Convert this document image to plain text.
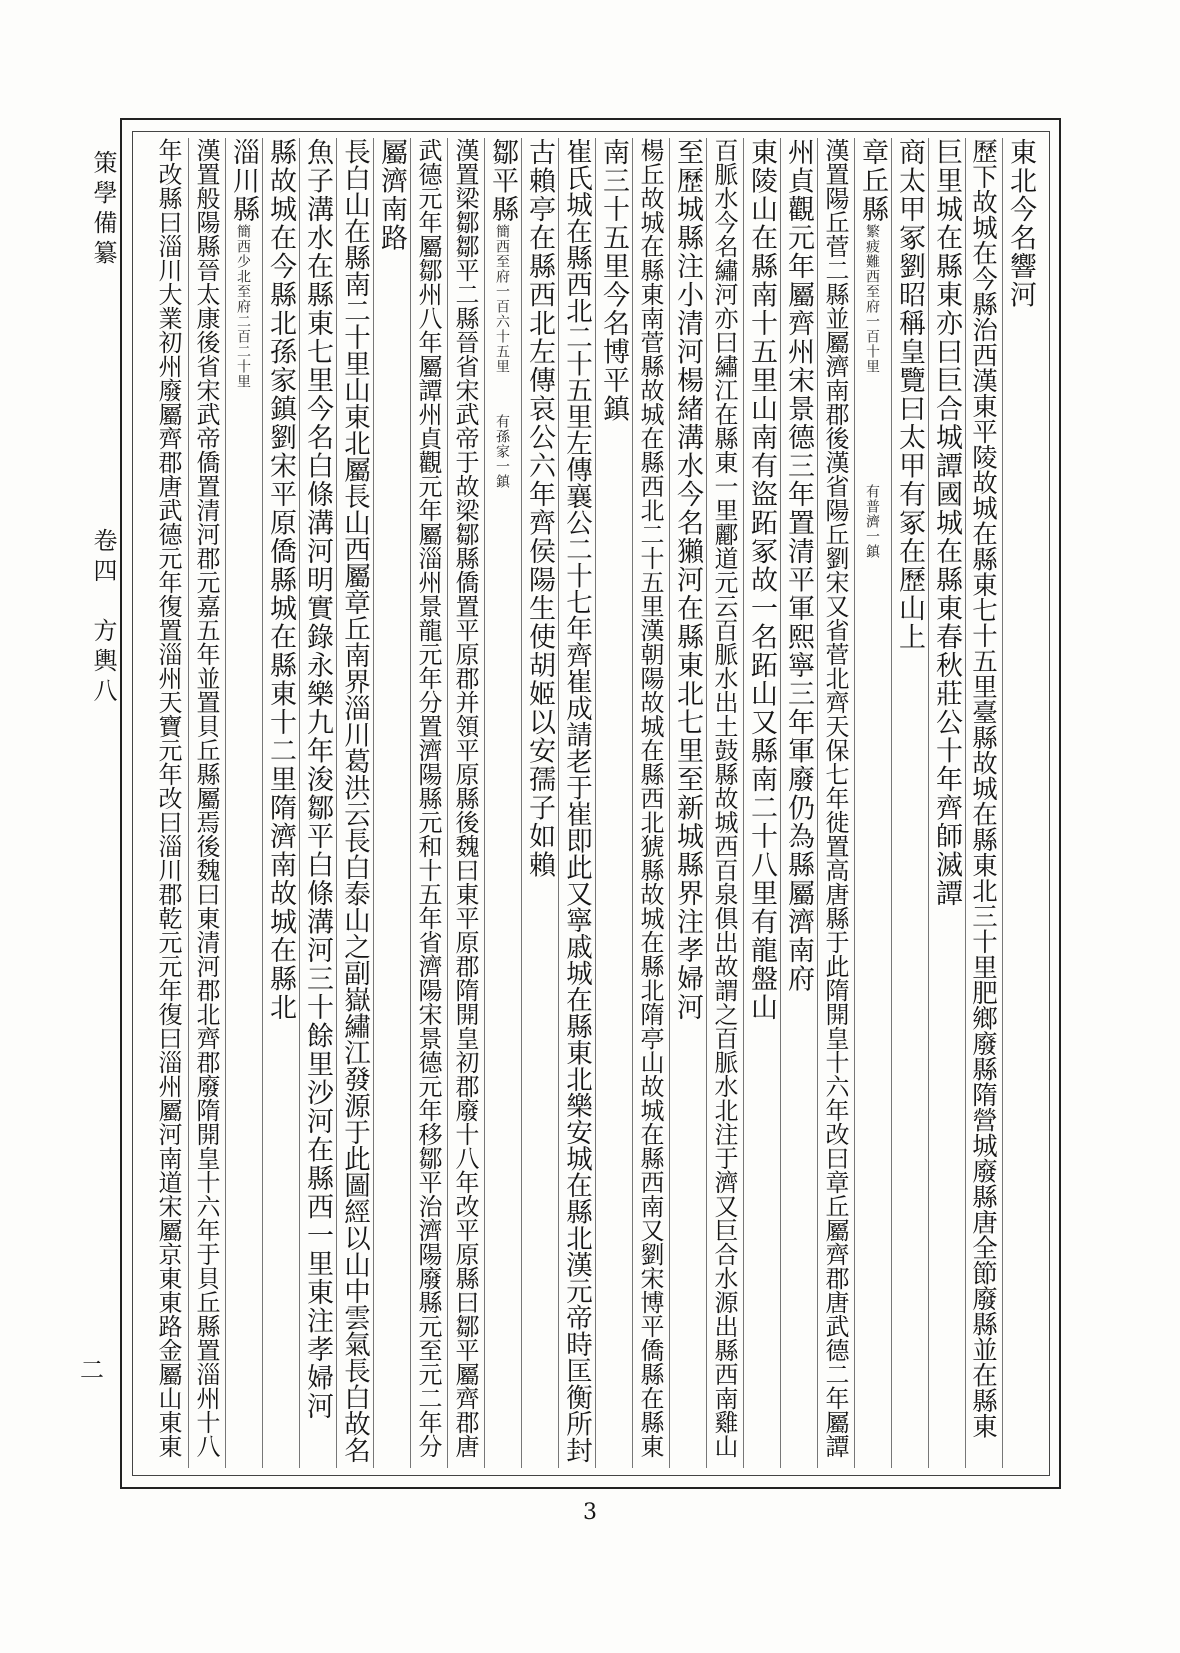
策學備纂
卷四　方輿八
二
東北今名響河
歷下故城在今縣治西漢東平陵故城在縣東七十五里臺縣故城在縣東北三十里肥鄉廢縣隋營城廢縣唐全節廢縣並在縣東
巨里城在縣東亦曰巨合城譚國城在縣東春秋莊公十年齊師滅譚
商太甲冢劉昭稱皇覽曰太甲有冢在歷山上
章丘縣
繁疲難西至府一百十里
有普濟一鎮
漢置陽丘菅二縣並屬濟南郡後漢省陽丘劉宋又省菅北齊天保七年徙置高唐縣于此隋開皇十六年改曰章丘屬齊郡唐武德二年屬譚
州貞觀元年屬齊州宋景德三年置清平軍熙寧三年軍廢仍為縣屬濟南府
東陵山在縣南十五里山南有盜跖冢故一名跖山又縣南二十八里有龍盤山
百脈水今名繡河亦曰繡江在縣東一里酈道元云百脈水出土鼓縣故城西百泉俱出故謂之百脈水北注于濟又巨合水源出縣西南雞山
至歷城縣注小清河楊緒溝水今名獺河在縣東北七里至新城縣界注孝婦河
楊丘故城在縣東南菅縣故城在縣西北二十五里漢朝陽故城在縣西北猇縣故城在縣北隋亭山故城在縣西南又劉宋博平僑縣在縣東
南三十五里今名博平鎮
崔氏城在縣西北二十五里左傳襄公二十七年齊崔成請老于崔即此又寧戚城在縣東北樂安城在縣北漢元帝時匡衡所封
古賴亭在縣西北左傳哀公六年齊侯陽生使胡姬以安孺子如賴
鄒平縣
簡西至府一百六十五里
有孫家一鎮
漢置梁鄒鄒平二縣晉省宋武帝于故梁鄒縣僑置平原郡并領平原縣後魏曰東平原郡隋開皇初郡廢十八年改平原縣曰鄒平屬齊郡唐
武德元年屬鄒州八年屬譚州貞觀元年屬淄州景龍元年分置濟陽縣元和十五年省濟陽宋景德元年移鄒平治濟陽廢縣元至元二年分
屬濟南路
長白山在縣南二十里山東北屬長山西屬章丘南界淄川葛洪云長白泰山之副嶽繡江發源于此圖經以山中雲氣長白故名
魚子溝水在縣東七里今名白條溝河明實錄永樂九年浚鄒平白條溝河三十餘里沙河在縣西一里東注孝婦河
縣故城在今縣北孫家鎮劉宋平原僑縣城在縣東十二里隋濟南故城在縣北
淄川縣
簡西少北至府二百二十里
漢置般陽縣晉太康後省宋武帝僑置清河郡元嘉五年並置貝丘縣屬焉後魏曰東清河郡北齊郡廢隋開皇十六年于貝丘縣置淄州十八
年改縣曰淄川大業初州廢屬齊郡唐武德元年復置淄州天寶元年改曰淄川郡乾元元年復曰淄州屬河南道宋屬京東東路金屬山東東
3
